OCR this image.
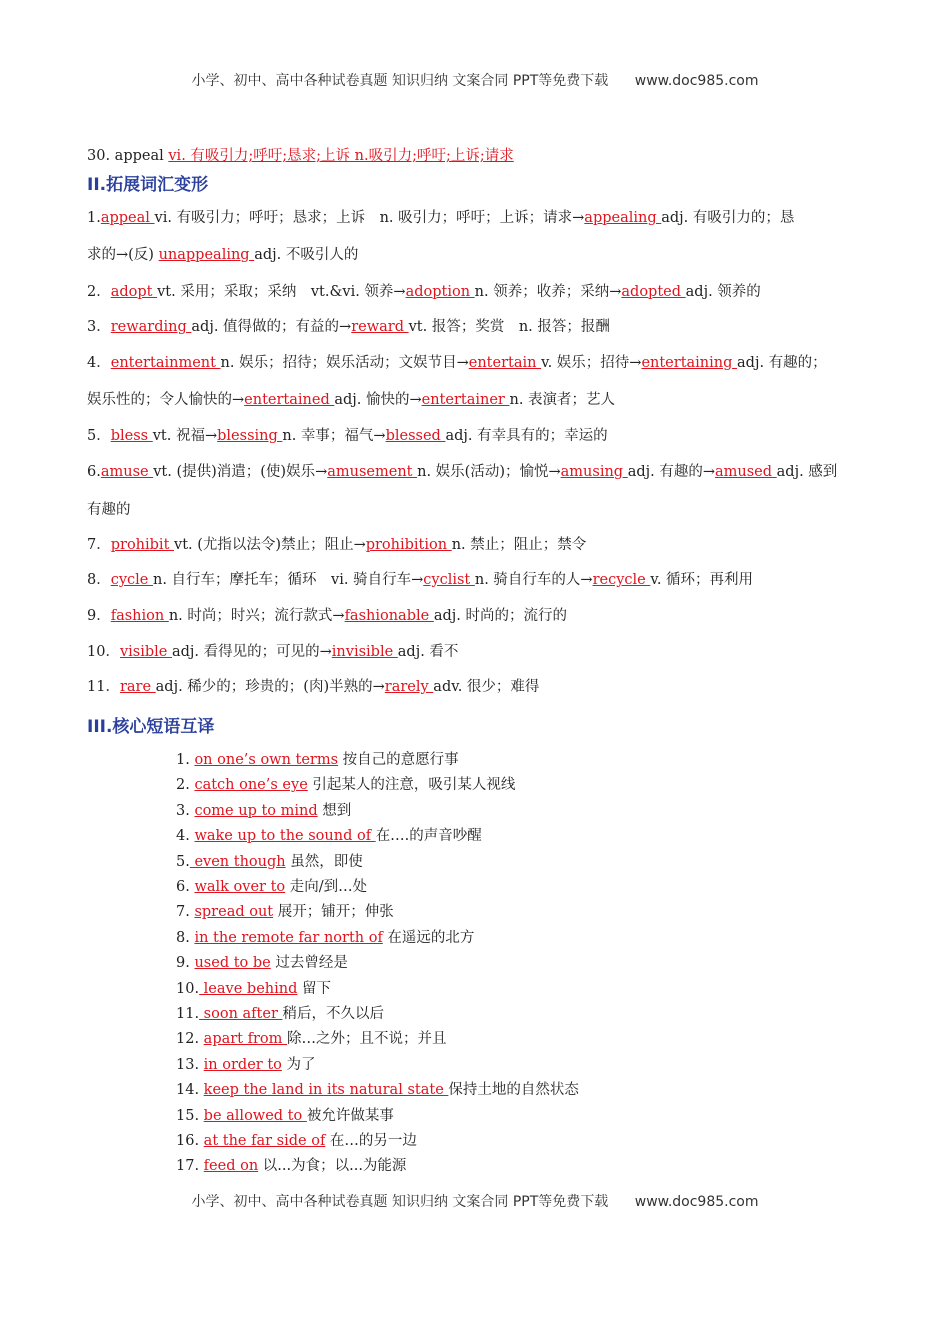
小学、初中、高中各种试卷真题 知识归纳 文案合同 PPT等免费下载 www.doc985.com
30. appeal vi. 有吸引力;呼吁;恳求;上诉 n.吸引力;呼吁;上诉;请求
II.拓展词汇变形
1.appeal vi. 有吸引力；呼吁；恳求；上诉　n. 吸引力；呼吁；上诉；请求→appealing adj. 有吸引力的；恳
求的→(反) unappealing adj. 不吸引人的
2．adopt vt. 采用；采取；采纳　vt.&vi. 领养→adoption n. 领养；收养；采纳→adopted adj. 领养的
3．rewarding adj. 值得做的；有益的→reward vt. 报答；奖赏　n. 报答；报酬
4．entertainment n. 娱乐；招待；娱乐活动；文娱节目→entertain v. 娱乐；招待→entertaining adj. 有趣的；
娱乐性的；令人愉快的→entertained adj. 愉快的→entertainer n. 表演者；艺人
5．bless vt. 祝福→blessing n. 幸事；福气→blessed adj. 有幸具有的；幸运的
6.amuse vt. (提供)消遣；(使)娱乐→amusement n. 娱乐(活动)；愉悦→amusing adj. 有趣的→amused adj. 感到
有趣的
7．prohibit vt. (尤指以法令)禁止；阻止→prohibition n. 禁止；阻止；禁令
8．cycle n. 自行车；摩托车；循环　vi. 骑自行车→cyclist n. 骑自行车的人→recycle v. 循环；再利用
9．fashion n. 时尚；时兴；流行款式→fashionable adj. 时尚的；流行的
10．visible adj. 看得见的；可见的→invisible adj. 看不
11．rare adj. 稀少的；珍贵的；(肉)半熟的→rarely adv. 很少；难得
III.核心短语互译
1. on one’s own terms 按自己的意愿行事
2. catch one’s eye 引起某人的注意，吸引某人视线
3. come up to mind 想到
4. wake up to the sound of 在….的声音吵醒
5. even though 虽然，即使
6. walk over to 走向/到…处
7. spread out 展开；铺开；伸张
8. in the remote far north of 在遥远的北方
9. used to be 过去曾经是
10. leave behind 留下
11. soon after 稍后，不久以后
12. apart from 除…之外；且不说；并且
13. in order to 为了
14. keep the land in its natural state 保持土地的自然状态
15. be allowed to 被允许做某事
16. at the far side of 在…的另一边
17. feed on 以...为食；以...为能源
小学、初中、高中各种试卷真题 知识归纳 文案合同 PPT等免费下载 www.doc985.com
